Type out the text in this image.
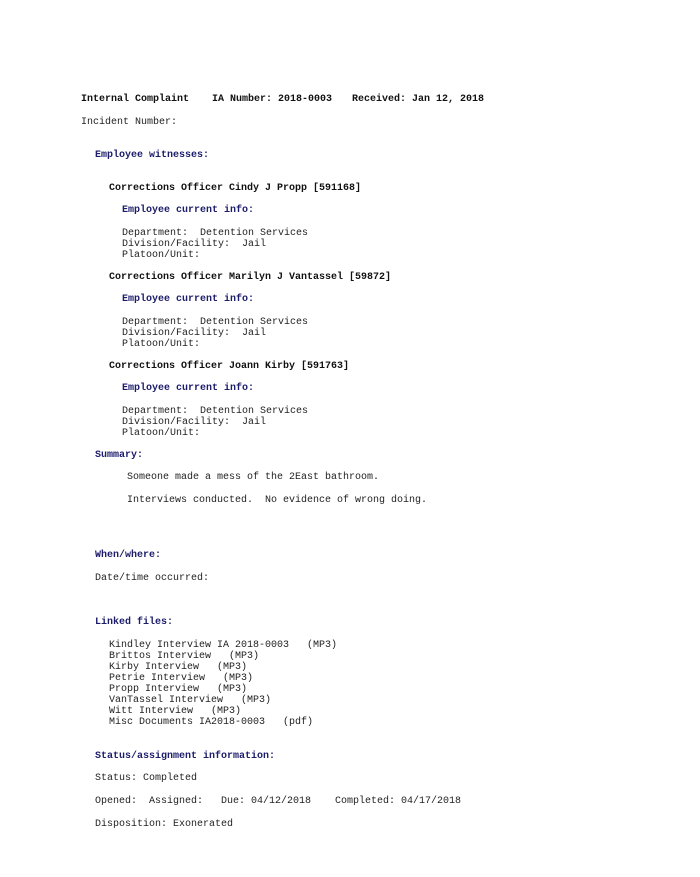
Internal Complaint IA Number: 2018-0003 Received: Jan 12, 2018
Incident Number:
Employee witnesses:
Corrections Officer Cindy J Propp [591168]
Employee current info:
Department:  Detention Services
Division/Facility:  Jail
Platoon/Unit:
Corrections Officer Marilyn J Vantassel [59872]
Employee current info:
Department:  Detention Services
Division/Facility:  Jail
Platoon/Unit:
Corrections Officer Joann Kirby [591763]
Employee current info:
Department:  Detention Services
Division/Facility:  Jail
Platoon/Unit:
Summary:
Someone made a mess of the 2East bathroom.
Interviews conducted.  No evidence of wrong doing.
When/where:
Date/time occurred:
Linked files:
Kindley Interview IA 2018-0003   (MP3)
Brittos Interview   (MP3)
Kirby Interview   (MP3)
Petrie Interview   (MP3)
Propp Interview   (MP3)
VanTassel Interview   (MP3)
Witt Interview   (MP3)
Misc Documents IA2018-0003   (pdf)
Status/assignment information:
Status: Completed
Opened:  Assigned:   Due: 04/12/2018    Completed: 04/17/2018
Disposition: Exonerated
